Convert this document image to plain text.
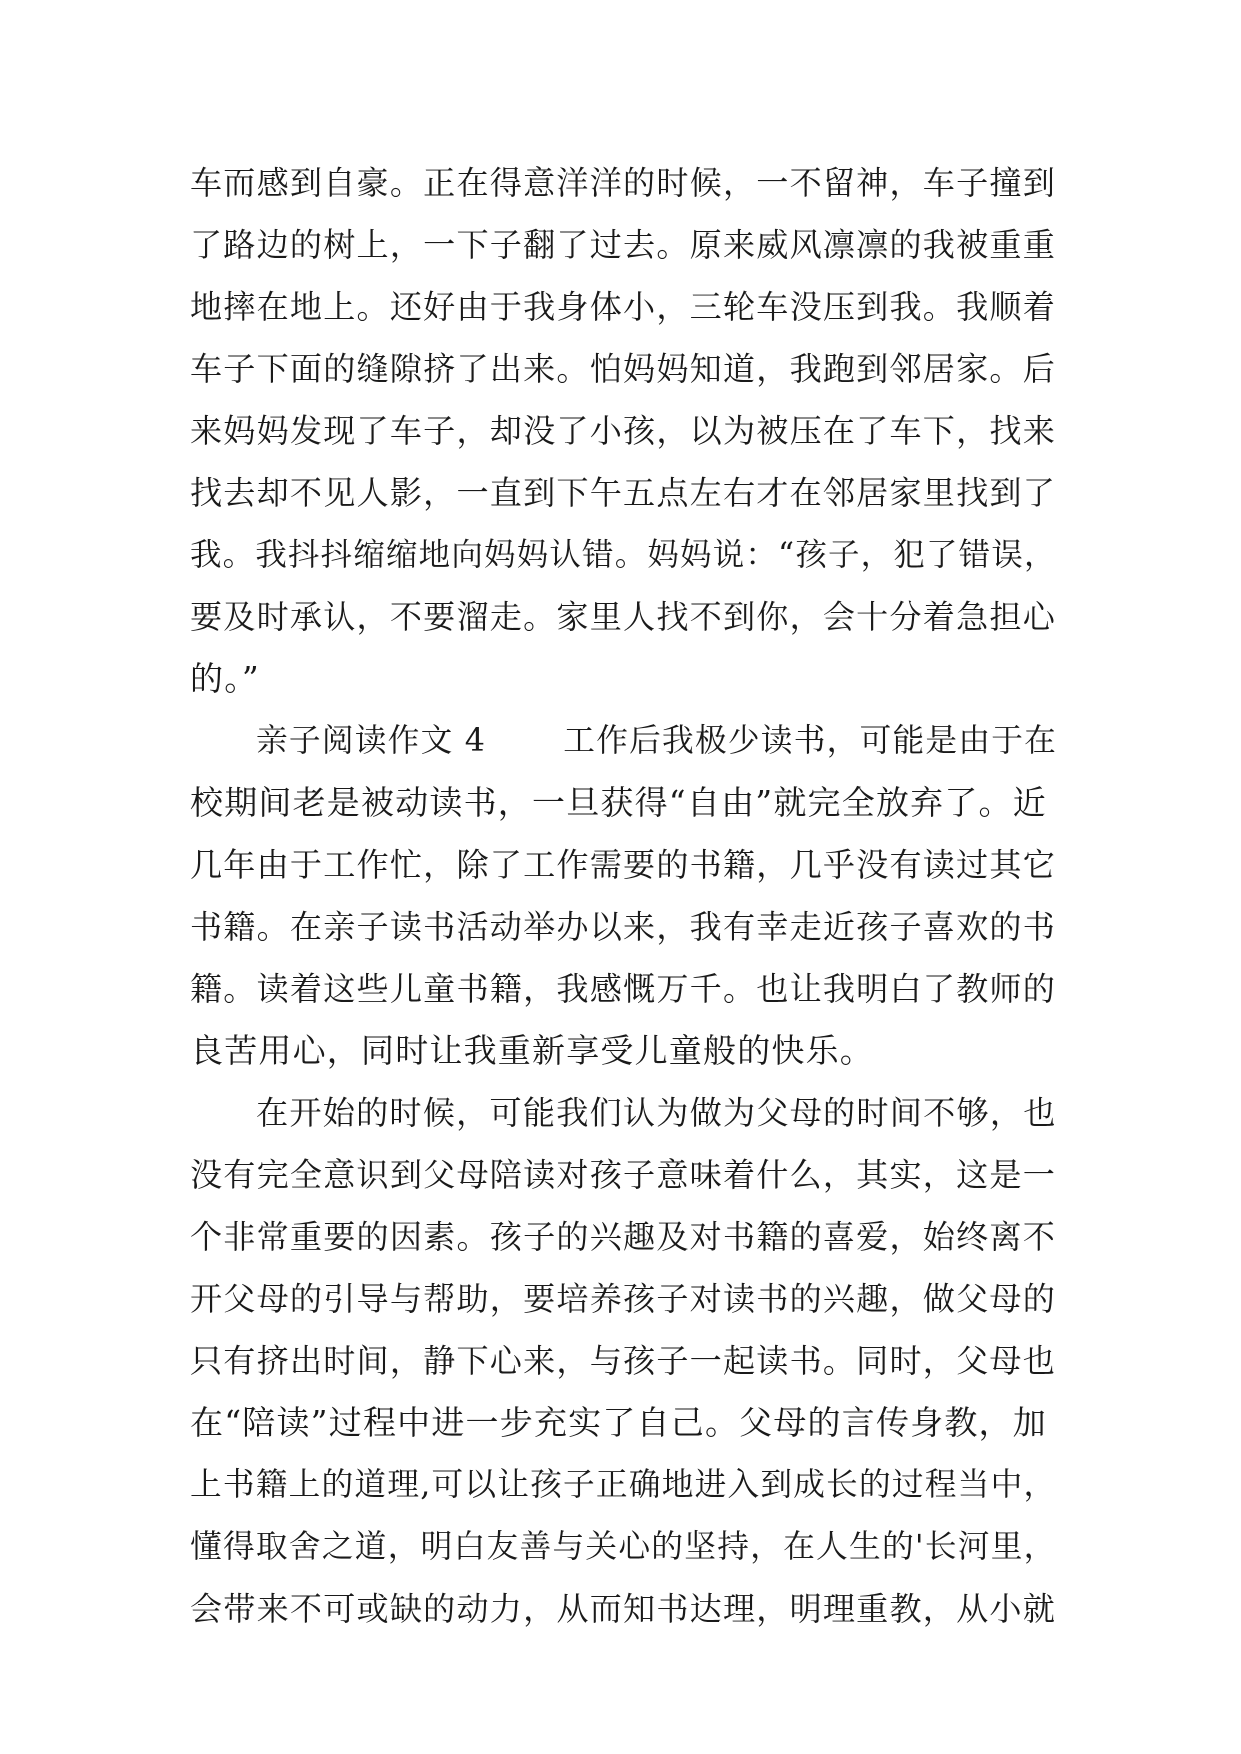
车而感到自豪。正在得意洋洋的时候，一不留神，车子撞到
了路边的树上，一下子翻了过去。原来威风凛凛的我被重重
地摔在地上。还好由于我身体小，三轮车没压到我。我顺着
车子下面的缝隙挤了出来。怕妈妈知道，我跑到邻居家。后
来妈妈发现了车子，却没了小孩，以为被压在了车下，找来
找去却不见人影，一直到下午五点左右才在邻居家里找到了
我。我抖抖缩缩地向妈妈认错。妈妈说：“孩子，犯了错误，
要及时承认，不要溜走。家里人找不到你，会十分着急担心
的。”
亲子阅读作文 4　　 工作后我极少读书，可能是由于在
校期间老是被动读书，一旦获得“自由”就完全放弃了。近
几年由于工作忙，除了工作需要的书籍，几乎没有读过其它
书籍。在亲子读书活动举办以来，我有幸走近孩子喜欢的书
籍。读着这些儿童书籍，我感慨万千。也让我明白了教师的
良苦用心，同时让我重新享受儿童般的快乐。
在开始的时候，可能我们认为做为父母的时间不够，也
没有完全意识到父母陪读对孩子意味着什么，其实，这是一
个非常重要的因素。孩子的兴趣及对书籍的喜爱，始终离不
开父母的引导与帮助，要培养孩子对读书的兴趣，做父母的
只有挤出时间，静下心来，与孩子一起读书。同时，父母也
在“陪读”过程中进一步充实了自己。父母的言传身教，加
上书籍上的道理,可以让孩子正确地进入到成长的过程当中，
懂得取舍之道，明白友善与关心的坚持，在人生的'长河里，
会带来不可或缺的动力，从而知书达理，明理重教，从小就
